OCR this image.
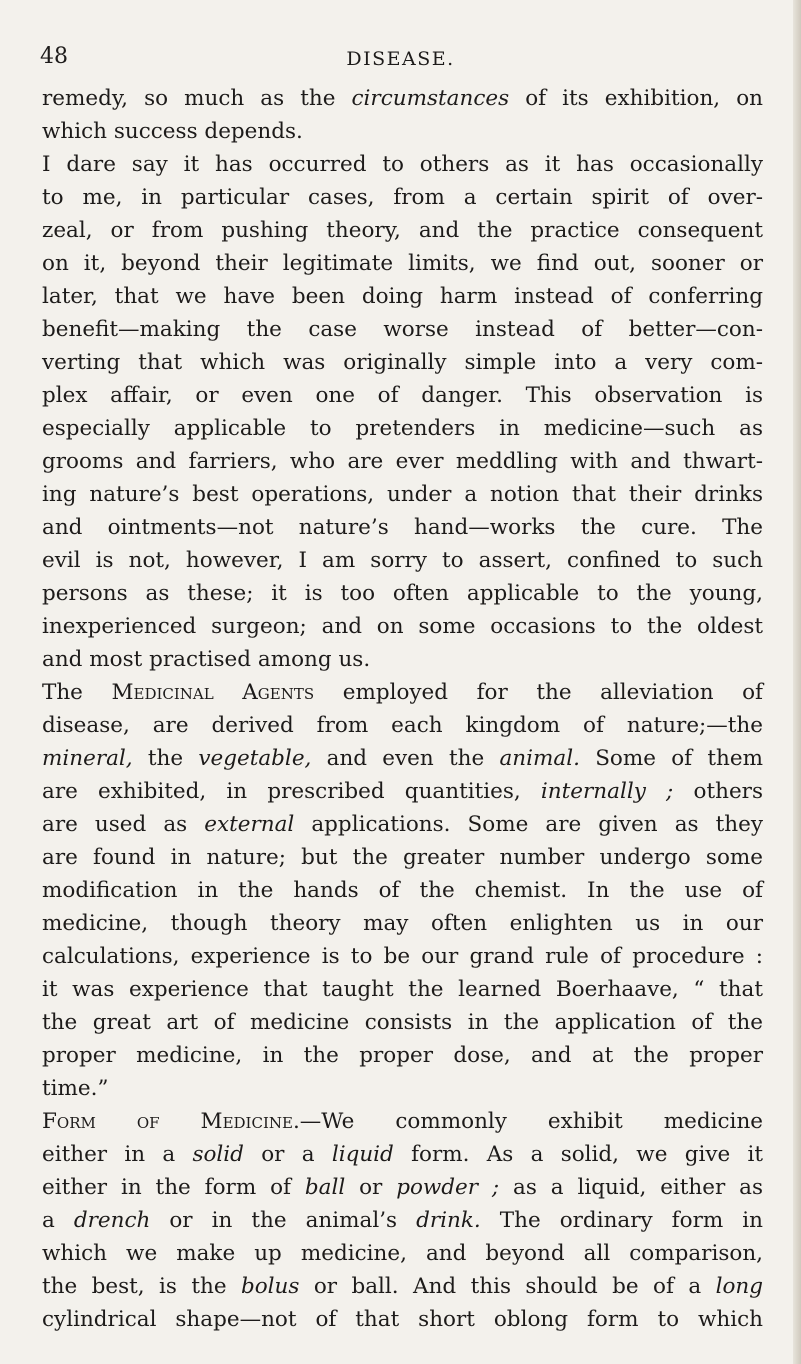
48	DISEASE.
remedy, so much as the circumstances of its exhibition, on
which success depends.
I dare say it has occurred to others as it has occasionally
to me, in particular cases, from a certain spirit of over-
zeal, or from pushing theory, and the practice consequent
on it, beyond their legitimate limits, we find out, sooner or
later, that we have been doing harm instead of conferring
benefit—making the case worse instead of better—con-
verting that which was originally simple into a very com-
plex affair, or even one of danger. This observation is
especially applicable to pretenders in medicine—such as
grooms and farriers, who are ever meddling with and thwart-
ing nature’s best operations, under a notion that their drinks
and ointments—not nature’s hand—works the cure. The
evil is not, however, I am sorry to assert, confined to such
persons as these; it is too often applicable to the young,
inexperienced surgeon; and on some occasions to the oldest
and most practised among us.
The Medicinal Agents employed for the alleviation of
disease, are derived from each kingdom of nature;—the
mineral, the vegetable, and even the animal. Some of them
are exhibited, in prescribed quantities, internally ; others
are used as external applications. Some are given as they
are found in nature; but the greater number undergo some
modification in the hands of the chemist. In the use of
medicine, though theory may often enlighten us in our
calculations, experience is to be our grand rule of procedure :
it was experience that taught the learned Boerhaave, “ that
the great art of medicine consists in the application of the
proper medicine, in the proper dose, and at the proper
time.”
Form of Medicine.—We commonly exhibit medicine
either in a solid or a liquid form. As a solid, we give it
either in the form of ball or powder ; as a liquid, either as
a drench or in the animal’s drink. The ordinary form in
which we make up medicine, and beyond all comparison,
the best, is the bolus or ball. And this should be of a long
cylindrical shape—not of that short oblong form to which
